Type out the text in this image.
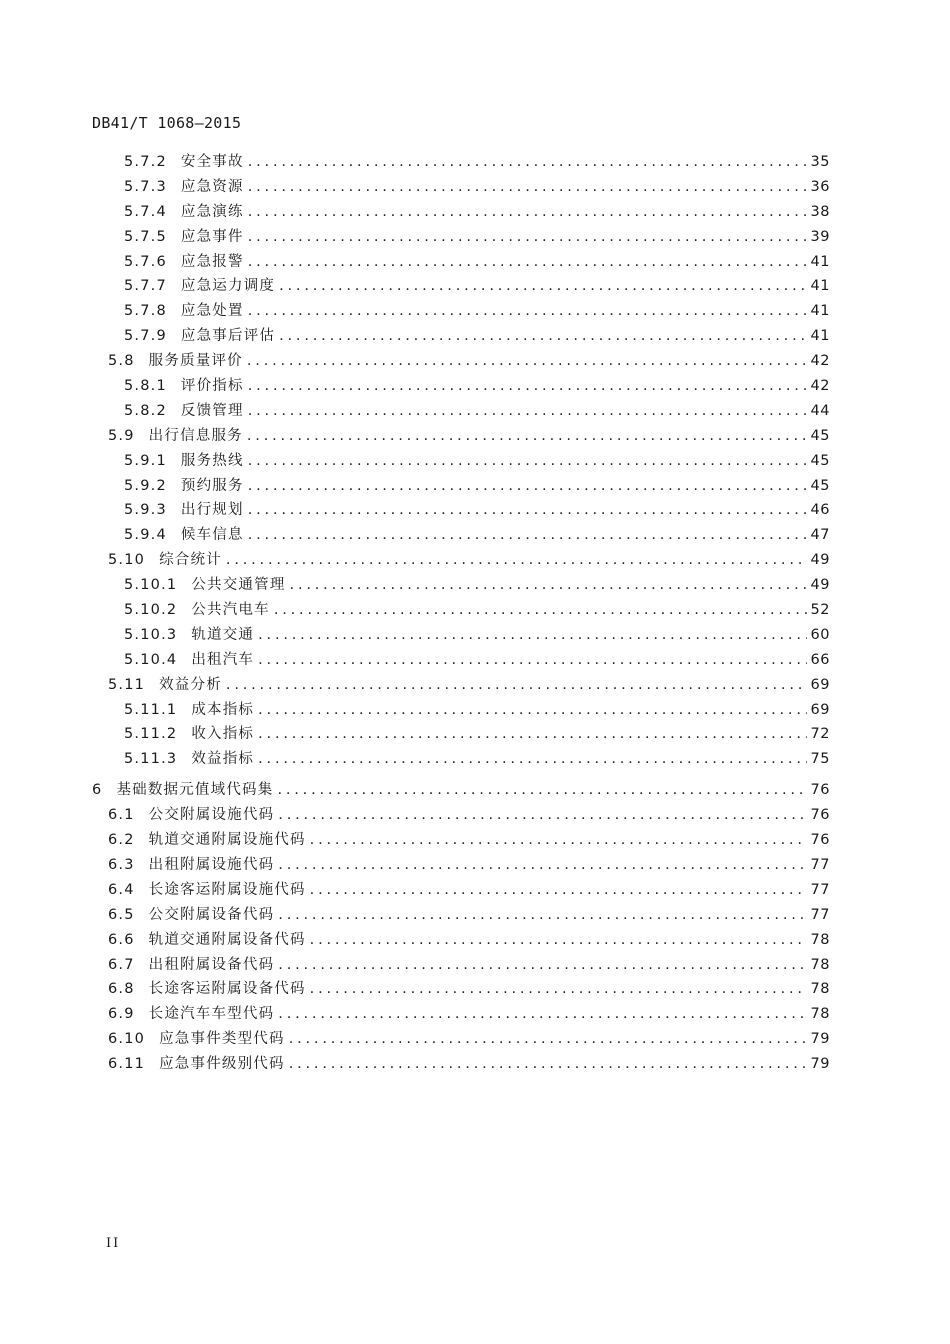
DB41/T 1068—2015
5.7.2 安全事故 .....	35
5.7.3 应急资源 .....	36
5.7.4 应急演练 .....	38
5.7.5 应急事件 .....	39
5.7.6 应急报警 .....	41
5.7.7 应急运力调度 .....	41
5.7.8 应急处置 .....	41
5.7.9 应急事后评估 .....	41
5.8 服务质量评价 .....	42
5.8.1 评价指标 .....	42
5.8.2 反馈管理 .....	44
5.9 出行信息服务 .....	45
5.9.1 服务热线 .....	45
5.9.2 预约服务 .....	45
5.9.3 出行规划 .....	46
5.9.4 候车信息 .....	47
5.10 综合统计 .....	49
5.10.1 公共交通管理 .....	49
5.10.2 公共汽电车 .....	52
5.10.3 轨道交通 .....	60
5.10.4 出租汽车 .....	66
5.11 效益分析 .....	69
5.11.1 成本指标 .....	69
5.11.2 收入指标 .....	72
5.11.3 效益指标 .....	75
6 基础数据元值域代码集 .....	76
6.1 公交附属设施代码 .....	76
6.2 轨道交通附属设施代码 .....	76
6.3 出租附属设施代码 .....	77
6.4 长途客运附属设施代码 .....	77
6.5 公交附属设备代码 .....	77
6.6 轨道交通附属设备代码 .....	78
6.7 出租附属设备代码 .....	78
6.8 长途客运附属设备代码 .....	78
6.9 长途汽车车型代码 .....	78
6.10 应急事件类型代码 .....	79
6.11 应急事件级别代码 .....	79
II
